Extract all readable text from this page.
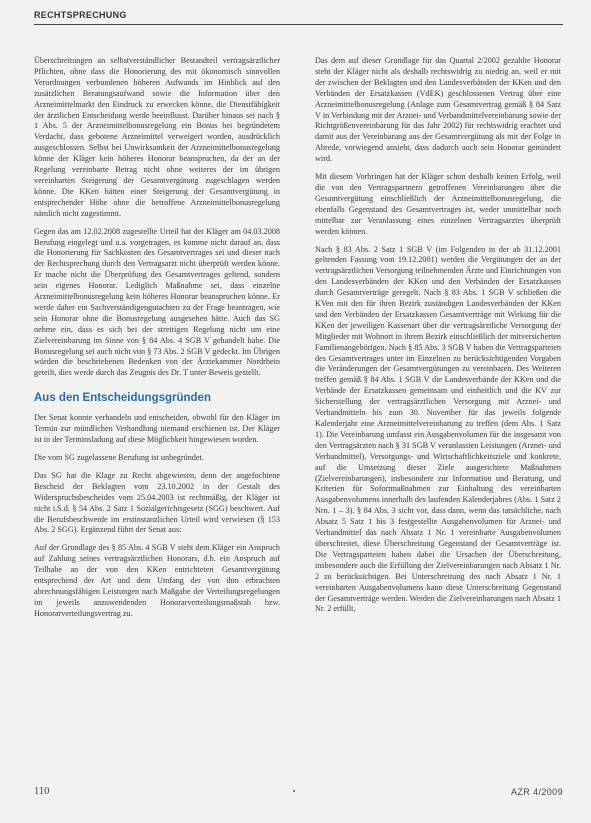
RECHTSPRECHUNG

Überschreitungen an selbstverständlicher Bestandteil vertragsärztlicher Pflichten, ohne dass die Honorierung des mit ökonomisch sinnvollen Verordnungen verbundenen höheren Aufwands im Hinblick auf den zusätzlichen Beratungsaufwand sowie die Information über den Arzneimittelmarkt den Eindruck zu erwecken könne, die Dienstfähigkeit der ärztlichen Entscheidung werde beeinflusst. Darüber hinaus sei nach § 1 Abs. 5 der Arzneimittelbonusregelung ein Bonus bei begründetem Verdacht, dass gebotene Arzneimittel verweigert worden, ausdrücklich ausgeschlossen. Selbst bei Unwirksamkeit der Arzneimittelbonusregelung könne der Kläger kein höheres Honorar beanspruchen, da der an der Regelung vereinbarte Betrag nicht ohne weiteres der im übrigen vereinbarten Steigerung der Gesamtvergütung zugeschlagen werden könne. Die KKen hätten einer Steigerung der Gesamtvergütung in entsprechender Höhe ohne die betroffene Arzneimittelbonusregelung nämlich nicht zugestimmt.

Gegen das am 12.02.2008 zugestellte Urteil hat der Kläger am 04.03.2008 Berufung eingelegt und u.a. vorgetragen, es komme nicht darauf an, dass die Honorierung für Sachkosten des Gesamtvertrages sei und dieser nach der Rechtsprechung durch den Vertragsarzt nicht überprüft werden könne. Er mache nicht die Überprüfung des Gesamtvertrages geltend, sondern sein eigenes Honorar. Lediglich Maßnahme sei, dass einzelne Arzneimittelbonusregelung kein höheres Honorar beanspruchen könne. Er werde daher ein Sachverständigengutachten zu der Frage beantragen, wie sein Honorar ohne die Bonusregelung ausgesehen hätte. Auch das SG nehme ein, dass es sich bei der streitigen Regelung nicht um eine Zielvereinbarung im Sinne von § 84 Abs. 4 SGB V gehandelt habe. Die Bonusregelung sei auch nicht von § 73 Abs. 2 SGB V gedeckt. Im Übrigen würden die beschriebenen Bedenken von der Ärztekammer Nordrhein geteilt, dies werde durch das Zeugnis des Dr. T unter Beweis gestellt.

Aus den Entscheidungsgründen

Der Senat konnte verhandeln und entscheiden, obwohl für den Kläger im Termin zur mündlichen Verhandlung niemand erschienen ist. Der Kläger ist in der Terminsladung auf diese Möglichkeit hingewiesen worden.

Die vom SG zugelassene Berufung ist unbegründet.

Das SG hat die Klage zu Recht abgewiesen, denn der angefochtene Bescheid der Beklagten vom 23.10.2002 in der Gestalt des Widerspruchsbescheides vom 25.04.2003 ist rechtmäßig, der Kläger ist nicht i.S.d. § 54 Abs. 2 Satz 1 Sozialgerichtsgesetz (SGG) beschwert. Auf die Berufsbeschwerde im erstinstanzlichen Urteil wird verwiesen (§ 153 Abs. 2 SGG). Ergänzend führt der Senat aus:

Auf der Grundlage des § 85 Abs. 4 SGB V steht dem Kläger ein Anspruch auf Zahlung seines vertragsärztlichen Honorars, d.h. ein Anspruch auf Teilhabe an der von den KKen entrichteten Gesamtvergütung entsprechend der Art und dem Umfang der von ihm erbrachten abrechnungsfähigen Leistungen nach Maßgabe der Verteilungsregelungen im jeweils anzuwendenden Honorarverteilungsmaßstab bzw. Honorarverteilungsvertrag zu.

Das dem auf dieser Grundlage für das Quartal 2/2002 gezahlte Honorar steht der Kläger nicht als deshalb rechtswidrig zu niedrig an, weil er mit der zwischen der Beklagten und den Landesverbänden der KKen und den Verbänden der Ersatzkassen (VdEK) geschlossenen Vertrag über eine Arzneimittelbonusregelung (Anlage zum Gesamtvertrag gemäß § 84 Satz V in Verbindung mit der Arznei- und Verbandmittelvereinbarung sowie der Richtgrößenvereinbarung für das Jahr 2002) für rechtswidrig erachtet und damit aus der Vereinbarung aus der Gesamtvergütung als mit der Folge in Abrede, vorwiegend ansieht, dass dadurch auch sein Honorar gemindert wird.

Mit diesem Vorbringen hat der Kläger schon deshalb keinen Erfolg, weil die von den Vertragspartnern getroffenen Vereinbarungen über die Gesamtvergütung einschließlich der Arzneimittelbonusregelung, die ebenfalls Gegenstand des Gesamtvertrages ist, weder unmittelbar noch mittelbar zur Veranlassung eines einzelnen Vertragsarztes überprüft werden können.

Nach § 83 Abs. 2 Satz 1 SGB V (im Folgenden in der ab 31.12.2001 geltenden Fassung vom 19.12.2001) werden die Vergütungen der an der vertragsärztlichen Versorgung teilnehmenden Ärzte und Einrichtungen von den Landesverbänden der KKen und den Verbänden der Ersatzkassen durch Gesamtverträge geregelt. Nach § 83 Abs. 1 SGB V schließen die KVen mit den für ihren Bezirk zuständigen Landesverbänden der KKen und den Verbänden der Ersatzkassen Gesamtverträge mit Wirkung für die KKen der jeweiligen Kassenart über die vertragsärztliche Versorgung der Mitglieder mit Wohnort in ihrem Bezirk einschließlich der mitversicherten Familienangehörigen. Nach § 85 Abs. 3 SGB V haben die Vertragsparteien des Gesamtvertrages unter im Einzelnen zu berücksichtigenden Vorgaben die Veränderungen der Gesamtvergütungen zu vereinbaren. Des Weiteren treffen gemäß § 84 Abs. 1 SGB V die Landesverbände der KKen und die Verbände der Ersatzkassen gemeinsam und einheitlich und die KV zur Sicherstellung der vertragsärztlichen Versorgung mit Arznei- und Verbandmitteln bis zum 30. November für das jeweils folgende Kalenderjahr eine Arzneimittelvereinbarung zu treffen (dem Abs. 1 Satz 1). Die Vereinbarung umfasst ein Ausgabenvolumen für die insgesamt von den Vertragsärzten nach § 31 SGB V veranlassten Leistungen (Arznei- und Verbandmittel), Versorgungs- und Wirtschaftlichkeitsziele und konkrete, auf die Umsetzung dieser Ziele ausgerichtete Maßnahmen (Zielvereinbarungen), insbesondere zur Information und Beratung, und Kriterien für Sofortmaßnahmen zur Einhaltung des vereinbarten Ausgabenvolumens innerhalb des laufenden Kalenderjahres (Abs. 1 Satz 2 Nrn. 1 – 3). § 84 Abs. 3 sicht vor, dass dann, wenn das tatsächliche, nach Absatz 5 Satz 1 bis 3 festgestellte Ausgabenvolumen für Arznei- und Verbandmittel das nach Absatz 1 Nr. 1 vereinbarte Ausgabenvolumen überschreitet, diese Überschreitung Gegenstand der Gesamtverträge ist. Die Vertragsparteien haben dabei die Ursachen der Überschreitung, insbesondere auch die Erfüllung der Zielvereinbarungen nach Absatz 1 Nr. 2 zu berücksichtigen. Bei Unterschreitung des nach Absatz 1 Nr. 1 vereinbarten Ausgabenvolumens kann diese Unterschreitung Gegenstand der Gesamtverträge werden. Werden die Zielvereinbarungen nach Absatz 1 Nr. 2 erfüllt,

110	AZR 4/2009
